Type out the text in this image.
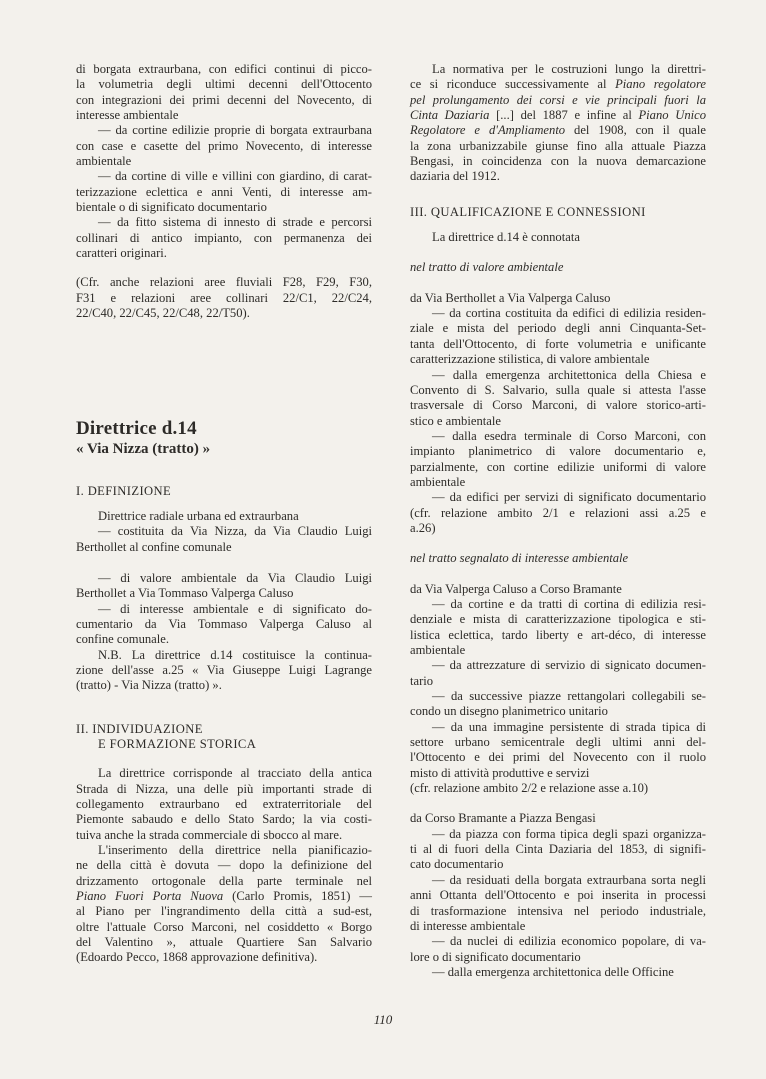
di borgata extraurbana, con edifici continui di picco-
la volumetria degli ultimi decenni dell'Ottocento
con integrazioni dei primi decenni del Novecento, di
interesse ambientale
— da cortine edilizie proprie di borgata extraurbana
con case e casette del primo Novecento, di interesse
ambientale
— da cortine di ville e villini con giardino, di carat-
terizzazione eclettica e anni Venti, di interesse am-
bientale o di significato documentario
— da fitto sistema di innesto di strade e percorsi
collinari di antico impianto, con permanenza dei
caratteri originari.
(Cfr. anche relazioni aree fluviali F28, F29, F30,
F31 e relazioni aree collinari 22/C1, 22/C24,
22/C40, 22/C45, 22/C48, 22/T50).
Direttrice d.14
« Via Nizza (tratto) »
I. DEFINIZIONE
Direttrice radiale urbana ed extraurbana
— costituita da Via Nizza, da Via Claudio Luigi
Berthollet al confine comunale
— di valore ambientale da Via Claudio Luigi
Berthollet a Via Tommaso Valperga Caluso
— di interesse ambientale e di significato do-
cumentario da Via Tommaso Valperga Caluso al
confine comunale.
N.B. La direttrice d.14 costituisce la continua-
zione dell'asse a.25 « Via Giuseppe Luigi Lagrange
(tratto) - Via Nizza (tratto) ».
II. INDIVIDUAZIONE
E FORMAZIONE STORICA
La direttrice corrisponde al tracciato della antica
Strada di Nizza, una delle più importanti strade di
collegamento extraurbano ed extraterritoriale del
Piemonte sabaudo e dello Stato Sardo; la via costi-
tuiva anche la strada commerciale di sbocco al mare.
L'inserimento della direttrice nella pianificazio-
ne della città è dovuta — dopo la definizione del
drizzamento ortogonale della parte terminale nel
Piano Fuori Porta Nuova (Carlo Promis, 1851) —
al Piano per l'ingrandimento della città a sud-est,
oltre l'attuale Corso Marconi, nel cosiddetto « Borgo
del Valentino », attuale Quartiere San Salvario
(Edoardo Pecco, 1868 approvazione definitiva).
La normativa per le costruzioni lungo la direttri-
ce si riconduce successivamente al Piano regolatore
pel prolungamento dei corsi e vie principali fuori la
Cinta Daziaria [...] del 1887 e infine al Piano Unico
Regolatore e d'Ampliamento del 1908, con il quale
la zona urbanizzabile giunse fino alla attuale Piazza
Bengasi, in coincidenza con la nuova demarcazione
daziaria del 1912.
III. QUALIFICAZIONE E CONNESSIONI
La direttrice d.14 è connotata
nel tratto di valore ambientale
da Via Berthollet a Via Valperga Caluso
— da cortina costituita da edifici di edilizia residen-
ziale e mista del periodo degli anni Cinquanta-Set-
tanta dell'Ottocento, di forte volumetria e unificante
caratterizzazione stilistica, di valore ambientale
— dalla emergenza architettonica della Chiesa e
Convento di S. Salvario, sulla quale si attesta l'asse
trasversale di Corso Marconi, di valore storico-arti-
stico e ambientale
— dalla esedra terminale di Corso Marconi, con
impianto planimetrico di valore documentario e,
parzialmente, con cortine edilizie uniformi di valore
ambientale
— da edifici per servizi di significato documentario
(cfr. relazione ambito 2/1 e relazioni assi a.25 e
a.26)
nel tratto segnalato di interesse ambientale
da Via Valperga Caluso a Corso Bramante
— da cortine e da tratti di cortina di edilizia resi-
denziale e mista di caratterizzazione tipologica e sti-
listica eclettica, tardo liberty e art-déco, di interesse
ambientale
— da attrezzature di servizio di signicato documen-
tario
— da successive piazze rettangolari collegabili se-
condo un disegno planimetrico unitario
— da una immagine persistente di strada tipica di
settore urbano semicentrale degli ultimi anni del-
l'Ottocento e dei primi del Novecento con il ruolo
misto di attività produttive e servizi
(cfr. relazione ambito 2/2 e relazione asse a.10)
da Corso Bramante a Piazza Bengasi
— da piazza con forma tipica degli spazi organizza-
ti al di fuori della Cinta Daziaria del 1853, di signifi-
cato documentario
— da residuati della borgata extraurbana sorta negli
anni Ottanta dell'Ottocento e poi inserita in processi
di trasformazione intensiva nel periodo industriale,
di interesse ambientale
— da nuclei di edilizia economico popolare, di va-
lore o di significato documentario
— dalla emergenza architettonica delle Officine
110
